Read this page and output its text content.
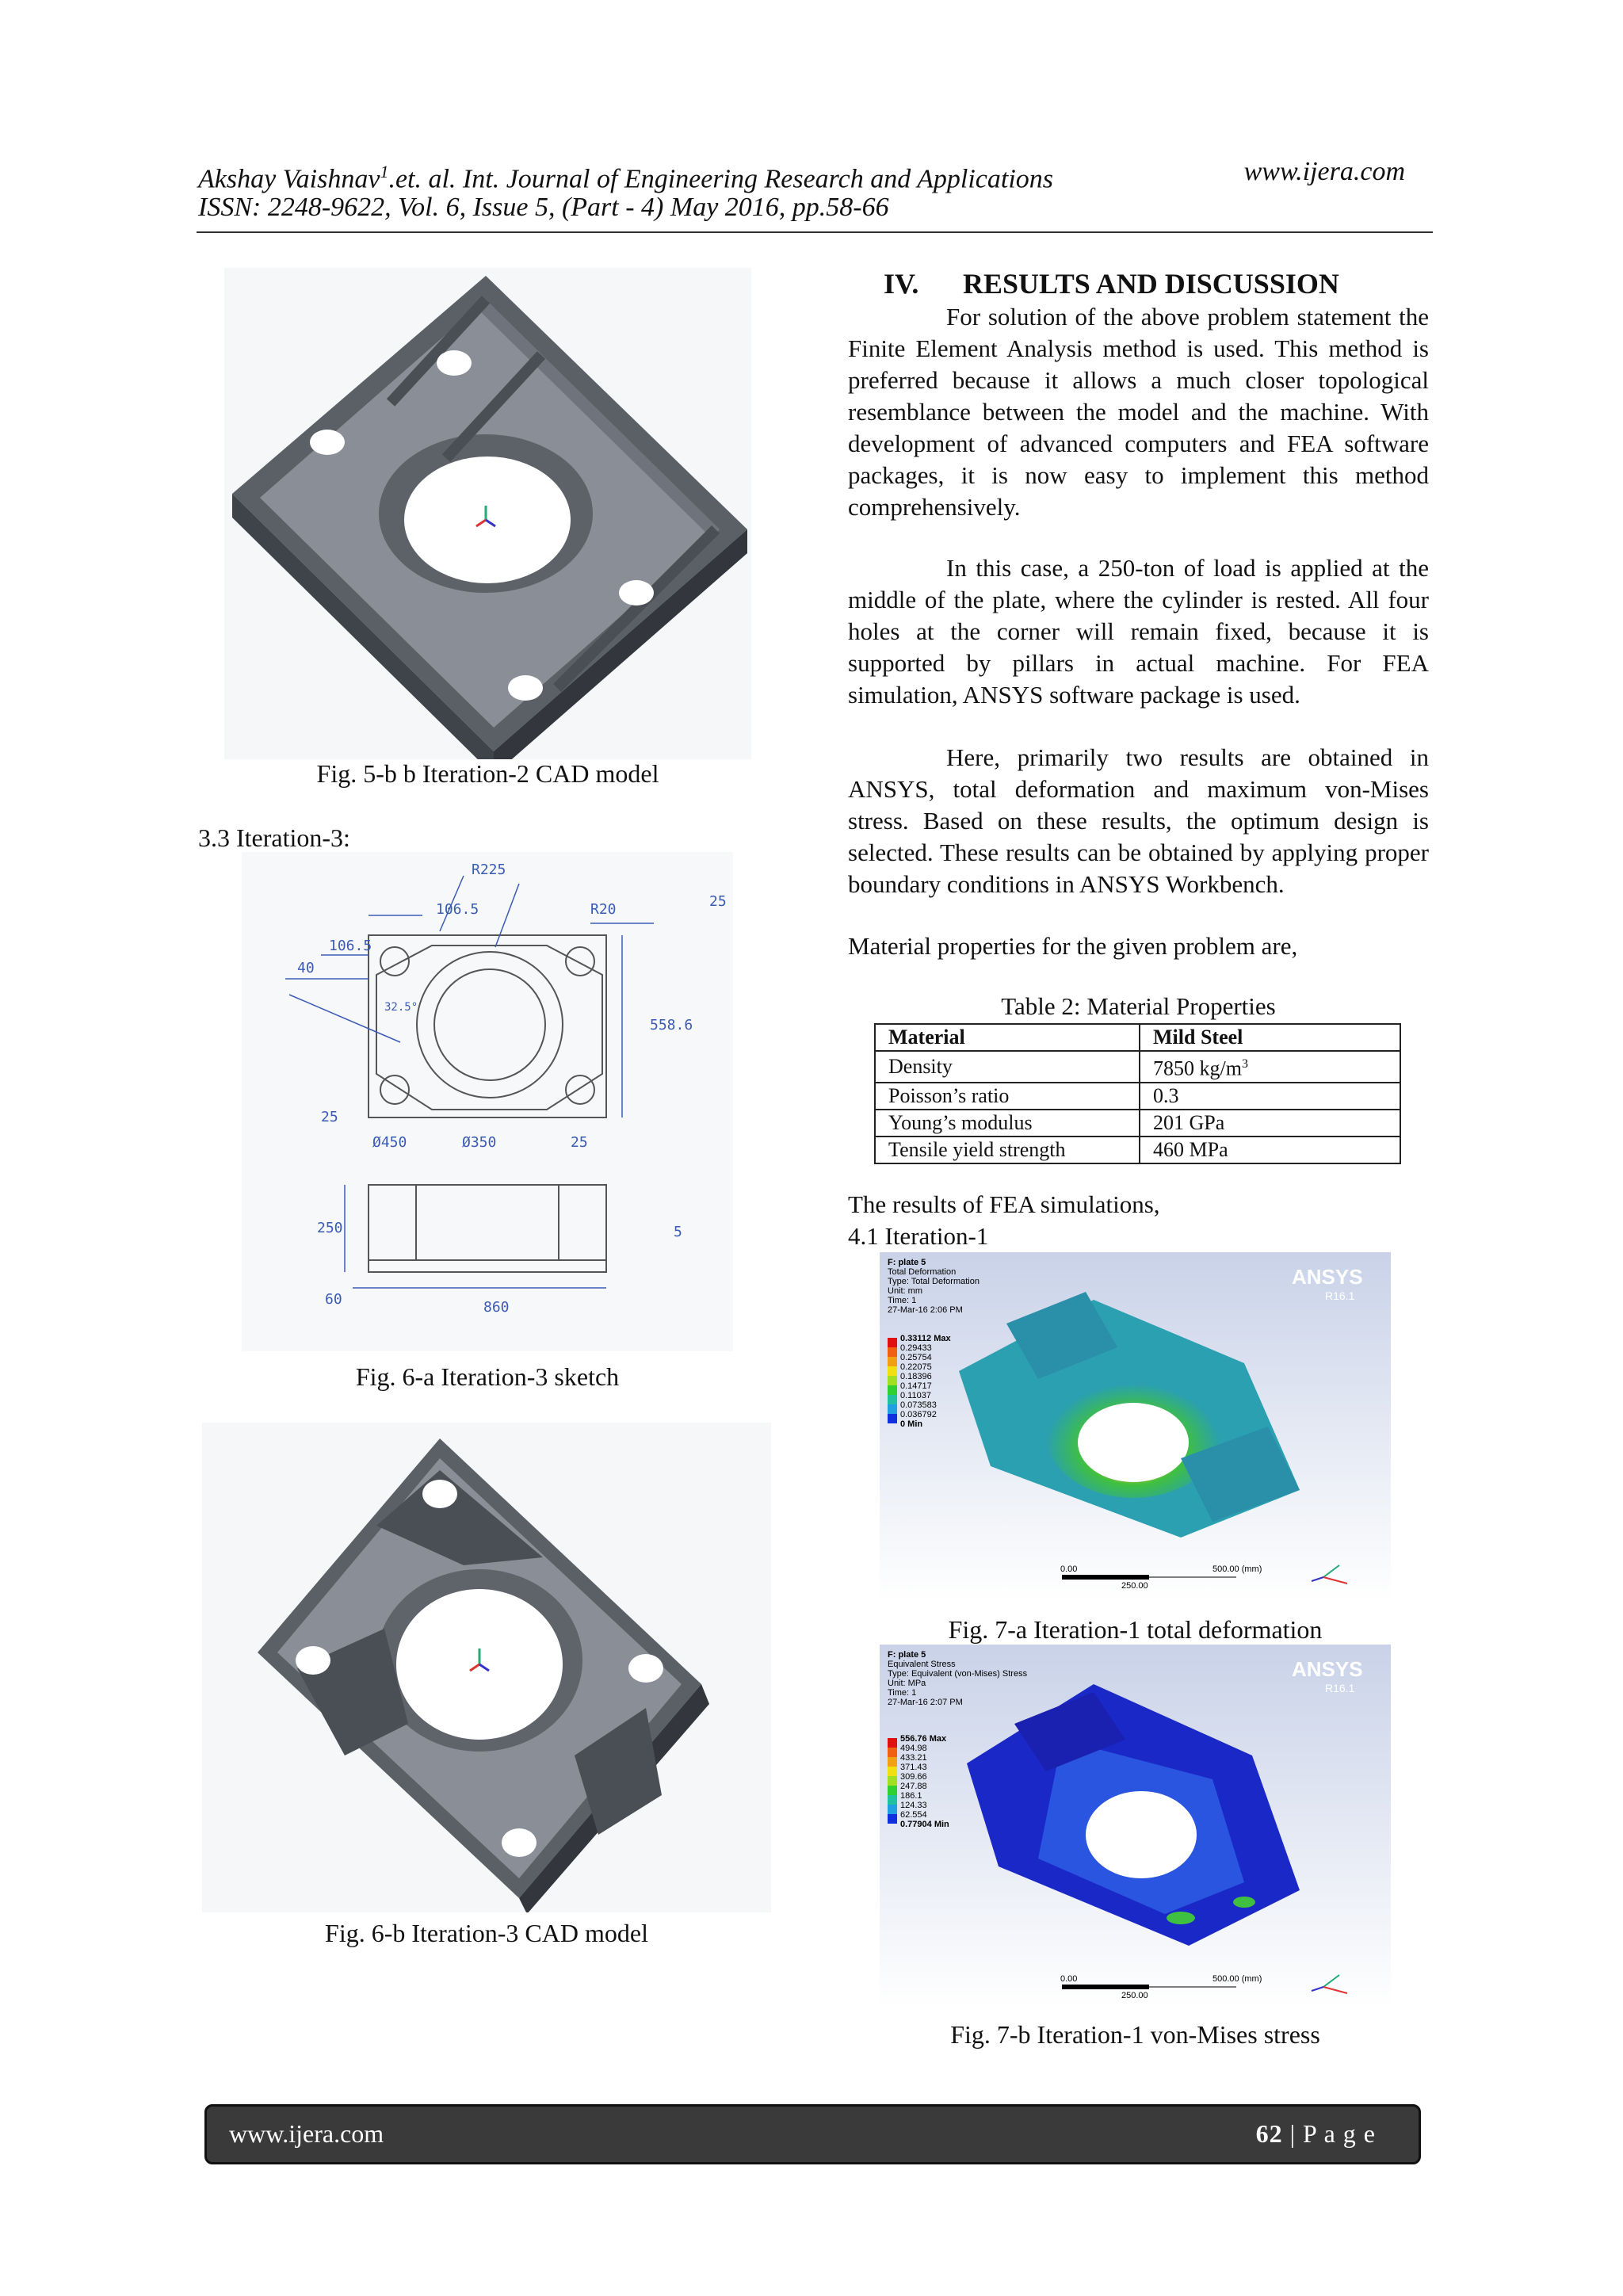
Akshay Vaishnav$^1$.et. al. Int. Journal of Engineering Research and Applications	www.ijera.com
ISSN: 2248-9622, Vol. 6, Issue 5, (Part - 4) May 2016, pp.58-66
Fig. 5-b b Iteration-2 CAD model
3.3 Iteration-3:
106.5
R225
R20	25
106.5
40
32.5°
558.6
25
Ø450	Ø350	25
250	5
60	860
Fig. 6-a Iteration-3 sketch
Fig. 6-b Iteration-3 CAD model
IV. RESULTS AND DISCUSSION
For solution of the above problem statement the Finite Element Analysis method is used. This method is preferred because it allows a much closer topological resemblance between the model and the machine. With development of advanced computers and FEA software packages, it is now easy to implement this method comprehensively.
In this case, a 250-ton of load is applied at the middle of the plate, where the cylinder is rested. All four holes at the corner will remain fixed, because it is supported by pillars in actual machine. For FEA simulation, ANSYS software package is used.
Here, primarily two results are obtained in ANSYS, total deformation and maximum von-Mises stress. Based on these results, the optimum design is selected. These results can be obtained by applying proper boundary conditions in ANSYS Workbench.
Material properties for the given problem are,
Table 2: Material Properties
Material	Mild Steel
Density	7850 $kg/m^3$
Poisson’s ratio	0.3
Young’s modulus	201 GPa
Tensile yield strength	460 MPa
The results of FEA simulations,
4.1 Iteration-1
F: plate 5
Total Deformation
Type: Total Deformation
Unit: mm
Time: 1
27-Mar-16 2:06 PM
0.33112 Max
0.29433
0.25754
0.22075
0.18396
0.14717
0.11037
0.073583
0.036792
0 Min
ANSYS
R16.1
0.00
250.00
500.00 (mm)
Fig. 7-a Iteration-1 total deformation
F: plate 5
Equivalent Stress
Type: Equivalent (von-Mises) Stress
Unit: MPa
Time: 1
27-Mar-16 2:07 PM
556.76 Max
494.98
433.21
371.43
309.66
247.88
186.1
124.33
62.554
0.77904 Min
ANSYS
R16.1
0.00
250.00
500.00 (mm)
Fig. 7-b Iteration-1 von-Mises stress
www.ijera.com	62 | P a g e
